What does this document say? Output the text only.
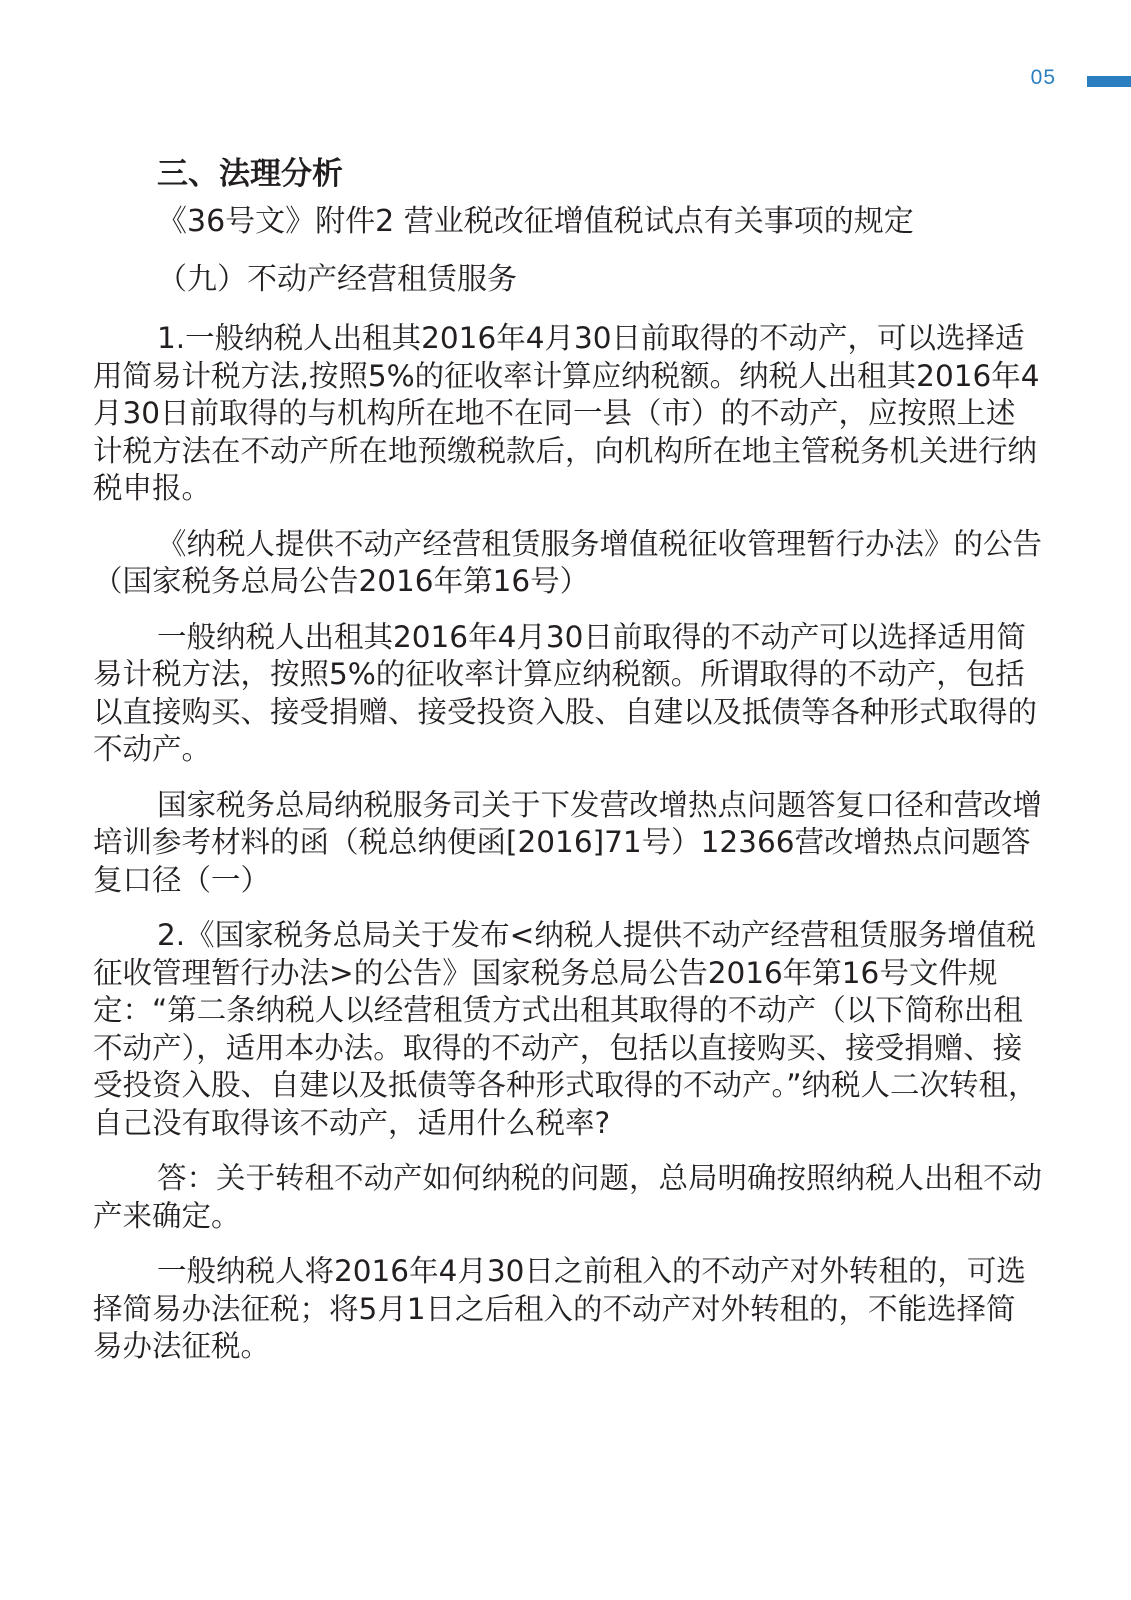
05
三、法理分析
《36号文》附件2 营业税改征增值税试点有关事项的规定
（九）不动产经营租赁服务

1.一般纳税人出租其2016年4月30日前取得的不动产，可以选择适用简易计税方法,按照5%的征收率计算应纳税额。纳税人出租其2016年4月30日前取得的与机构所在地不在同一县（市）的不动产，应按照上述计税方法在不动产所在地预缴税款后，向机构所在地主管税务机关进行纳税申报。

《纳税人提供不动产经营租赁服务增值税征收管理暂行办法》的公告（国家税务总局公告2016年第16号）

一般纳税人出租其2016年4月30日前取得的不动产可以选择适用简易计税方法，按照5%的征收率计算应纳税额。所谓取得的不动产，包括以直接购买、接受捐赠、接受投资入股、自建以及抵债等各种形式取得的不动产。

国家税务总局纳税服务司关于下发营改增热点问题答复口径和营改增培训参考材料的函（税总纳便函[2016]71号）12366营改增热点问题答复口径（一）

2.《国家税务总局关于发布<纳税人提供不动产经营租赁服务增值税征收管理暂行办法>的公告》国家税务总局公告2016年第16号文件规定：“第二条纳税人以经营租赁方式出租其取得的不动产（以下简称出租不动产），适用本办法。取得的不动产，包括以直接购买、接受捐赠、接受投资入股、自建以及抵债等各种形式取得的不动产。”纳税人二次转租，自己没有取得该不动产，适用什么税率?

答：关于转租不动产如何纳税的问题，总局明确按照纳税人出租不动产来确定。

一般纳税人将2016年4月30日之前租入的不动产对外转租的，可选择简易办法征税；将5月1日之后租入的不动产对外转租的，不能选择简易办法征税。
